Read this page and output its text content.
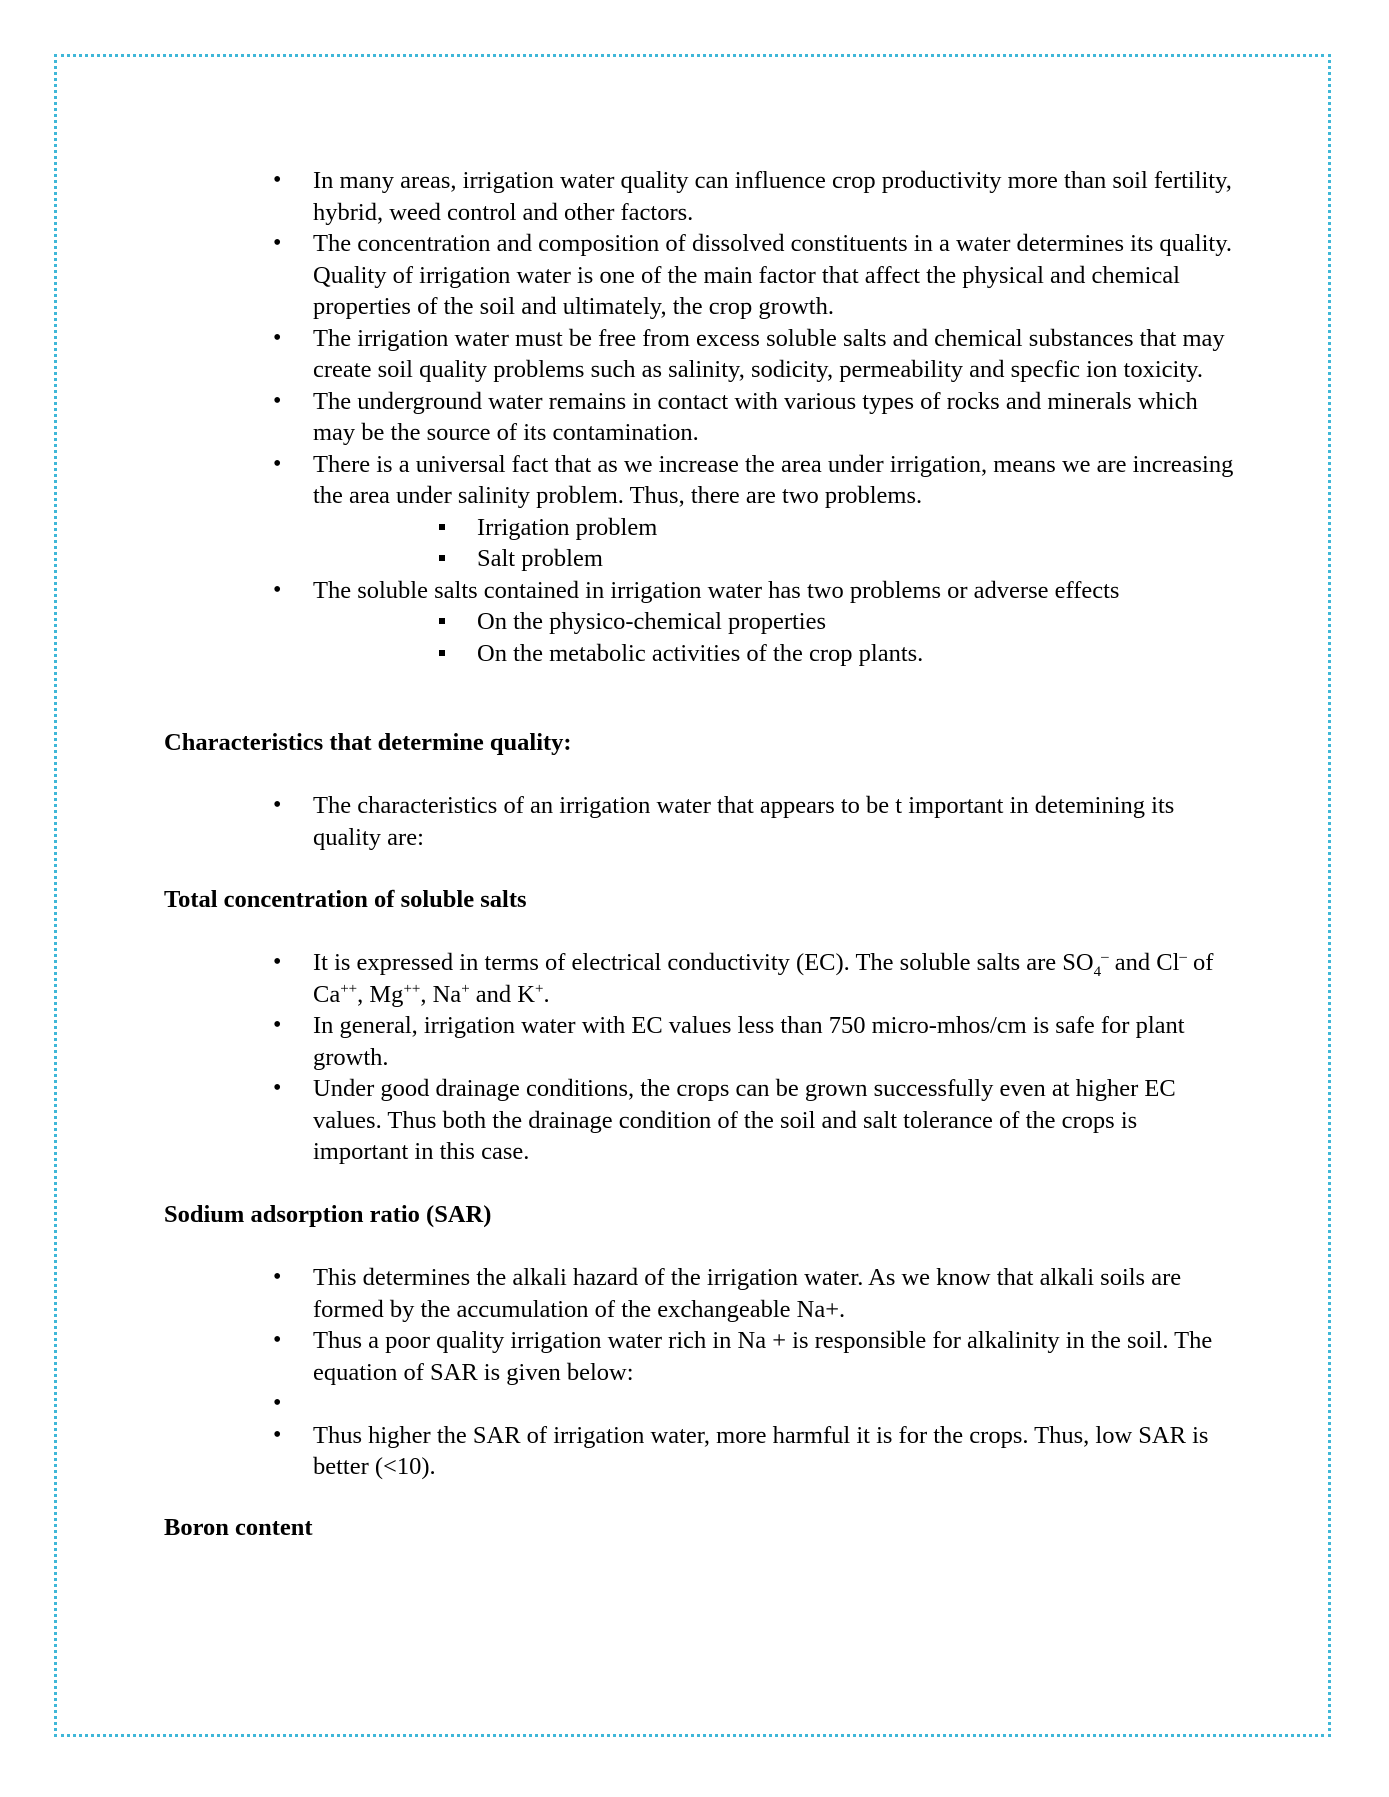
• In many areas, irrigation water quality can influence crop productivity more than soil fertility, hybrid, weed control and other factors.
• The concentration and composition of dissolved constituents in a water determines its quality. Quality of irrigation water is one of the main factor that affect the physical and chemical properties of the soil and ultimately, the crop growth.
• The irrigation water must be free from excess soluble salts and chemical substances that may create soil quality problems such as salinity, sodicity, permeability and specfic ion toxicity.
• The underground water remains in contact with various types of rocks and minerals which may be the source of its contamination.
• There is a universal fact that as we increase the area under irrigation, means we are increasing the area under salinity problem. Thus, there are two problems.
Irrigation problem
Salt problem
• The soluble salts contained in irrigation water has two problems or adverse effects
On the physico-chemical properties
On the metabolic activities of the crop plants.
Characteristics that determine quality:
• The characteristics of an irrigation water that appears to be t important in detemining its quality are:
Total concentration of soluble salts
• It is expressed in terms of electrical conductivity (EC). The soluble salts are $SO_4^-$ and Cl– of Ca++, Mg++, Na+ and K+.
• In general, irrigation water with EC values less than 750 micro-mhos/cm is safe for plant growth.
• Under good drainage conditions, the crops can be grown successfully even at higher EC values. Thus both the drainage condition of the soil and salt tolerance of the crops is important in this case.
Sodium adsorption ratio (SAR)
• This determines the alkali hazard of the irrigation water. As we know that alkali soils are formed by the accumulation of the exchangeable Na+.
• Thus a poor quality irrigation water rich in Na + is responsible for alkalinity in the soil. The equation of SAR is given below:
•
• Thus higher the SAR of irrigation water, more harmful it is for the crops. Thus, low SAR is better (<10).
Boron content
